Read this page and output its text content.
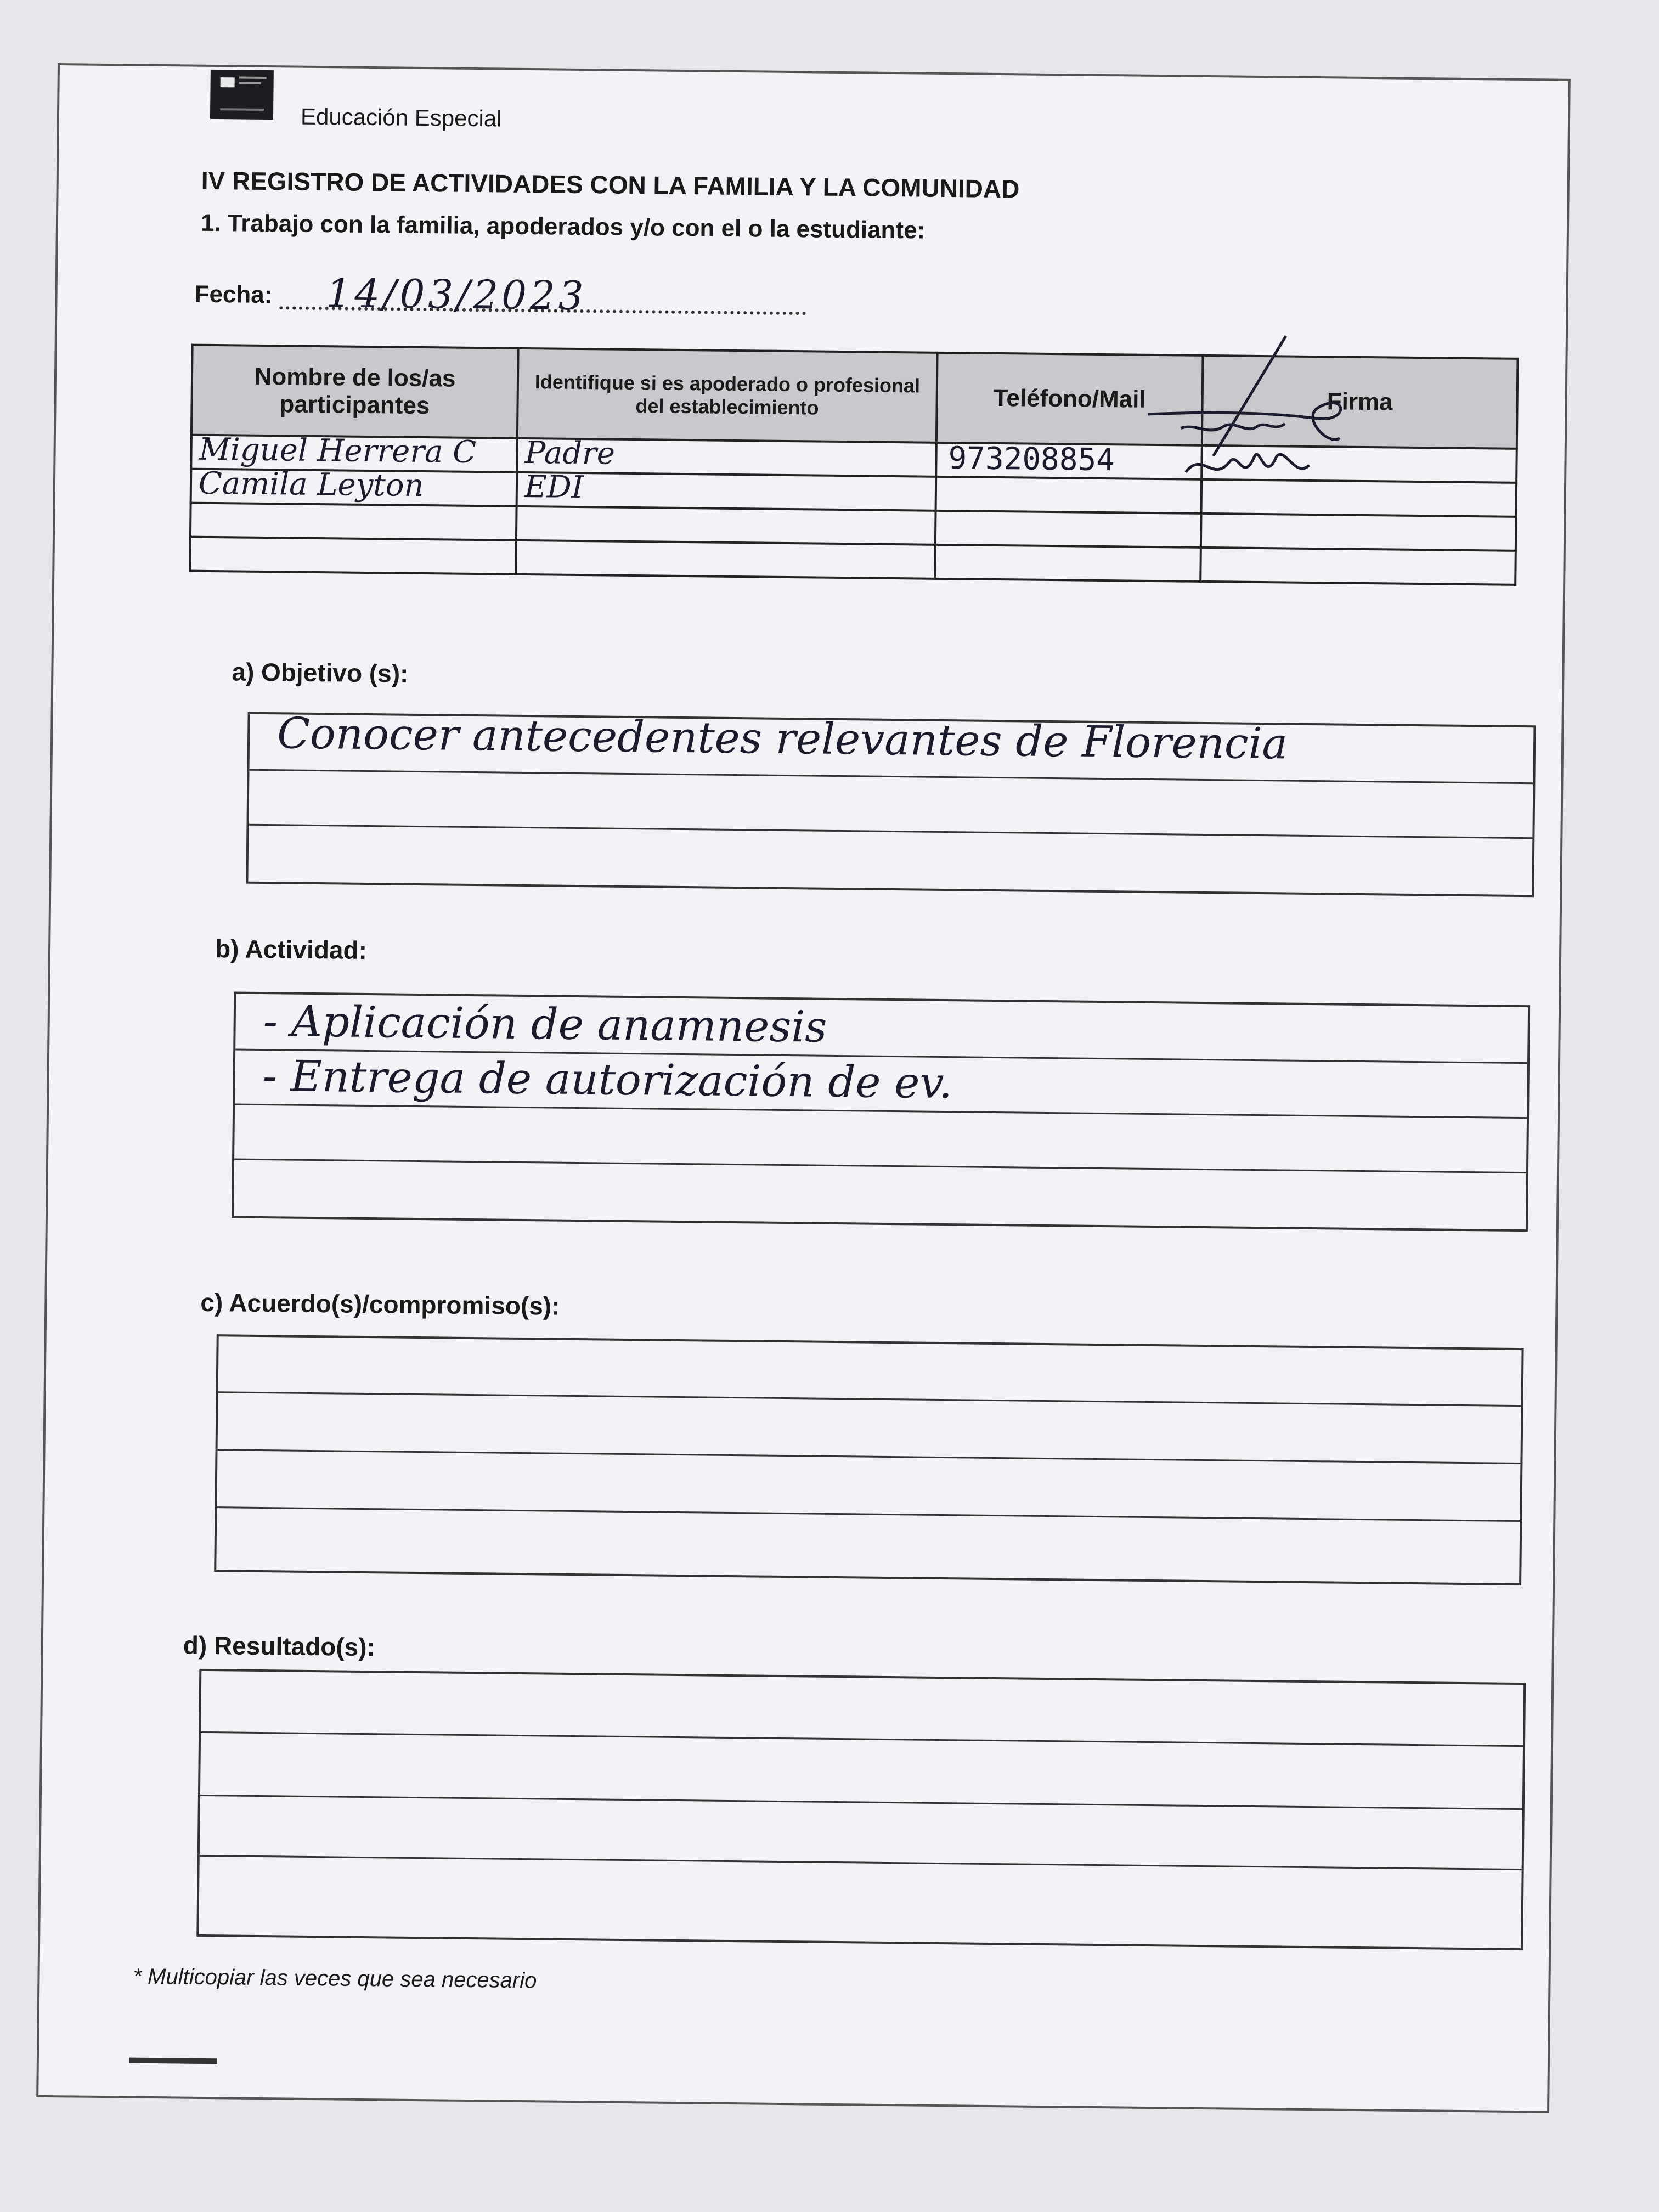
Educación Especial
IV REGISTRO DE ACTIVIDADES CON LA FAMILIA Y LA COMUNIDAD
1. Trabajo con la familia, apoderados y/o con el o la estudiante:
Fecha: 14/03/2023
Nombre de los/as participantes	Identifique si es apoderado o profesional del establecimiento	Teléfono/Mail	Firma

Miguel Herrera C	Padre	973208854	

Camila Leyton	EDI		

a) Objetivo (s):
Conocer antecedentes relevantes de Florencia
b) Actividad:
- Aplicación de anamnesis
- Entrega de autorización de ev.
c) Acuerdo(s)/compromiso(s):
d) Resultado(s):
* Multicopiar las veces que sea necesario
